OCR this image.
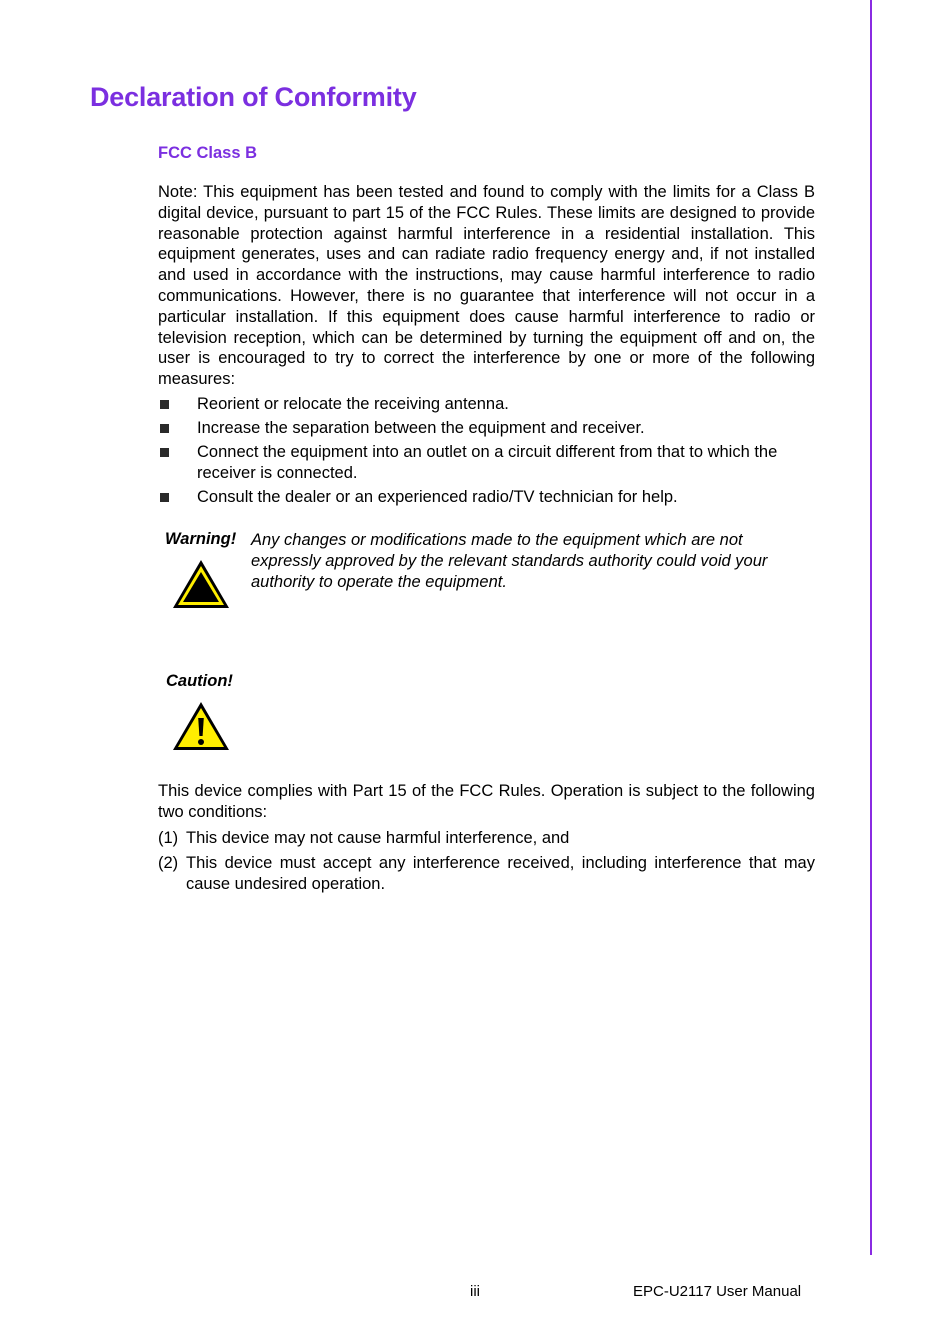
Declaration of Conformity
FCC Class B

Note: This equipment has been tested and found to comply with the limits for a Class B digital device, pursuant to part 15 of the FCC Rules. These limits are designed to provide reasonable protection against harmful interference in a residential installation. This equipment generates, uses and can radiate radio frequency energy and, if not installed and used in accordance with the instructions, may cause harmful interference to radio communications. However, there is no guarantee that interference will not occur in a particular installation. If this equipment does cause harmful interference to radio or television reception, which can be determined by turning the equipment off and on, the user is encouraged to try to correct the interference by one or more of the following measures:

Reorient or relocate the receiving antenna.
Increase the separation between the equipment and receiver.
Connect the equipment into an outlet on a circuit different from that to which the receiver is connected.
Consult the dealer or an experienced radio/TV technician for help.
Warning! Any changes or modifications made to the equipment which are not expressly approved by the relevant standards authority could void your authority to operate the equipment.
Caution!

This device complies with Part 15 of the FCC Rules. Operation is subject to the following two conditions:

(1) This device may not cause harmful interference, and
(2) This device must accept any interference received, including interference that may cause undesired operation.
iii	EPC-U2117 User Manual
